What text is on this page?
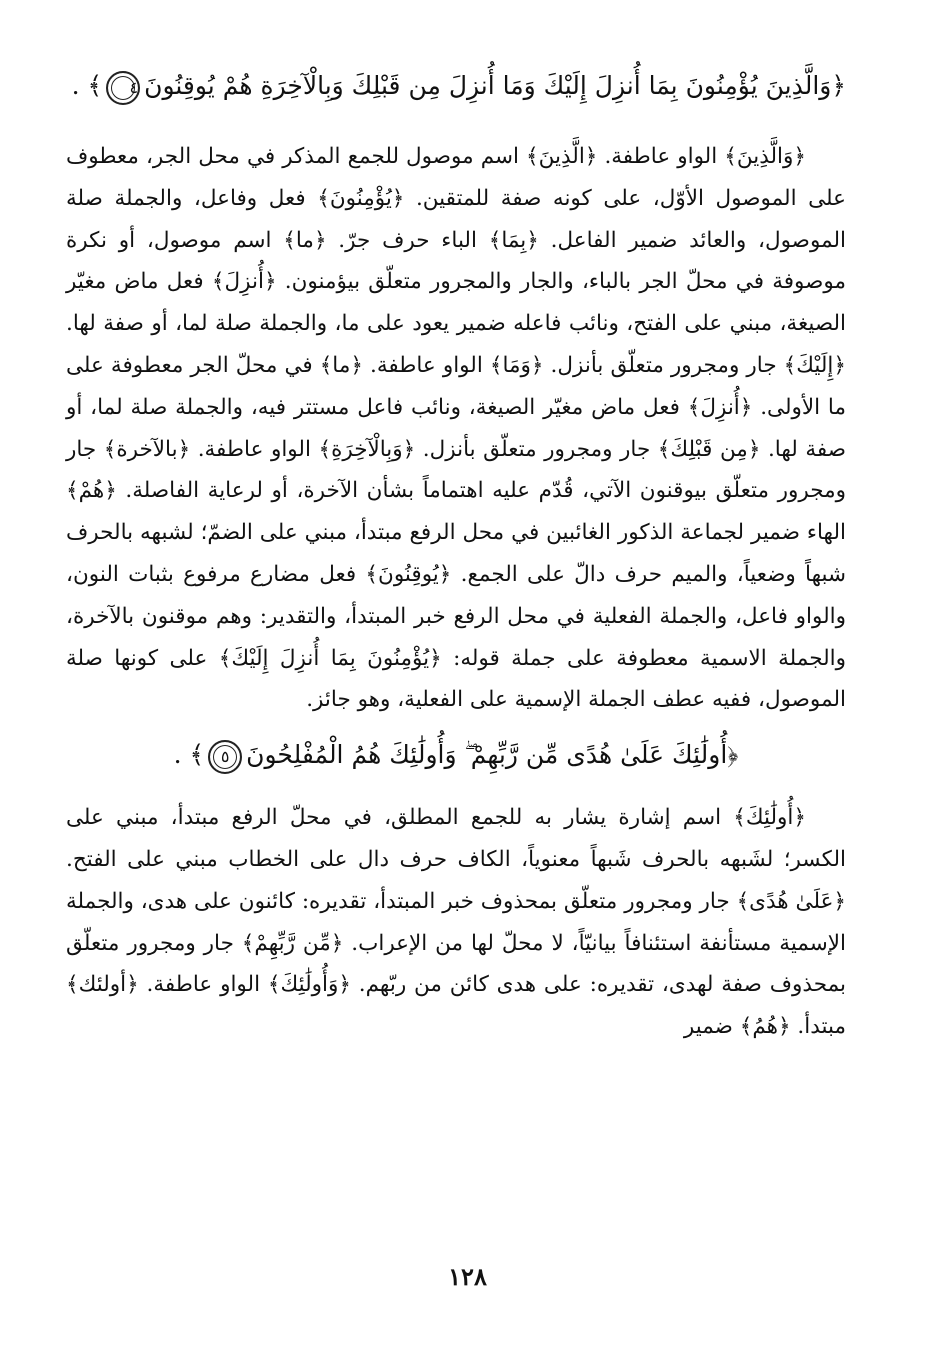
﴿وَالَّذِينَ يُؤْمِنُونَ بِمَا أُنزِلَ إِلَيْكَ وَمَا أُنزِلَ مِن قَبْلِكَ وَبِالْآخِرَةِ هُمْ يُوقِنُونَ٤﴾ .

﴿وَالَّذِينَ﴾ الواو عاطفة. ﴿الَّذِينَ﴾ اسم موصول للجمع المذكر في محل الجر، معطوف على الموصول الأوّل، على كونه صفة للمتقين. ﴿يُؤْمِنُونَ﴾ فعل وفاعل، والجملة صلة الموصول، والعائد ضمير الفاعل. ﴿بِمَا﴾ الباء حرف جرّ. ﴿ما﴾ اسم موصول، أو نكرة موصوفة في محلّ الجر بالباء، والجار والمجرور متعلّق بيؤمنون. ﴿أُنزِلَ﴾ فعل ماض مغيّر الصيغة، مبني على الفتح، ونائب فاعله ضمير يعود على ما، والجملة صلة لما، أو صفة لها. ﴿إِلَيْكَ﴾ جار ومجرور متعلّق بأنزل. ﴿وَمَا﴾ الواو عاطفة. ﴿ما﴾ في محلّ الجر معطوفة على ما الأولى. ﴿أُنزِلَ﴾ فعل ماض مغيّر الصيغة، ونائب فاعل مستتر فيه، والجملة صلة لما، أو صفة لها. ﴿مِن قَبْلِكَ﴾ جار ومجرور متعلّق بأنزل. ﴿وَبِالْآخِرَةِ﴾ الواو عاطفة. ﴿بالآخرة﴾ جار ومجرور متعلّق بيوقنون الآتي، قُدّم عليه اهتماماً بشأن الآخرة، أو لرعاية الفاصلة. ﴿هُمْ﴾ الهاء ضمير لجماعة الذكور الغائبين في محل الرفع مبتدأ، مبني على الضمّ؛ لشبهه بالحرف شبهاً وضعياً، والميم حرف دالّ على الجمع. ﴿يُوقِنُونَ﴾ فعل مضارع مرفوع بثبات النون، والواو فاعل، والجملة الفعلية في محل الرفع خبر المبتدأ، والتقدير: وهم موقنون بالآخرة، والجملة الاسمية معطوفة على جملة قوله: ﴿يُؤْمِنُونَ بِمَا أُنزِلَ إِلَيْكَ﴾ على كونها صلة الموصول، ففيه عطف الجملة الإسمية على الفعلية، وهو جائز.

﴿أُولَٰئِكَ عَلَىٰ هُدًى مِّن رَّبِّهِمْ ۖ وَأُولَٰئِكَ هُمُ الْمُفْلِحُونَ٥﴾ .

﴿أُولَٰئِكَ﴾ اسم إشارة يشار به للجمع المطلق، في محلّ الرفع مبتدأ، مبني على الكسر؛ لشَبهه بالحرف شَبهاً معنوياً، الكاف حرف دال على الخطاب مبني على الفتح. ﴿عَلَىٰ هُدًى﴾ جار ومجرور متعلّق بمحذوف خبر المبتدأ، تقديره: كائنون على هدى، والجملة الإسمية مستأنفة استئنافاً بيانيّاً، لا محلّ لها من الإعراب. ﴿مِّن رَّبِّهِمْ﴾ جار ومجرور متعلّق بمحذوف صفة لهدى، تقديره: على هدى كائن من ربّهم. ﴿وَأُولَٰئِكَ﴾ الواو عاطفة. ﴿أولئك﴾ مبتدأ. ﴿هُمُ﴾ ضمير

١٢٨
